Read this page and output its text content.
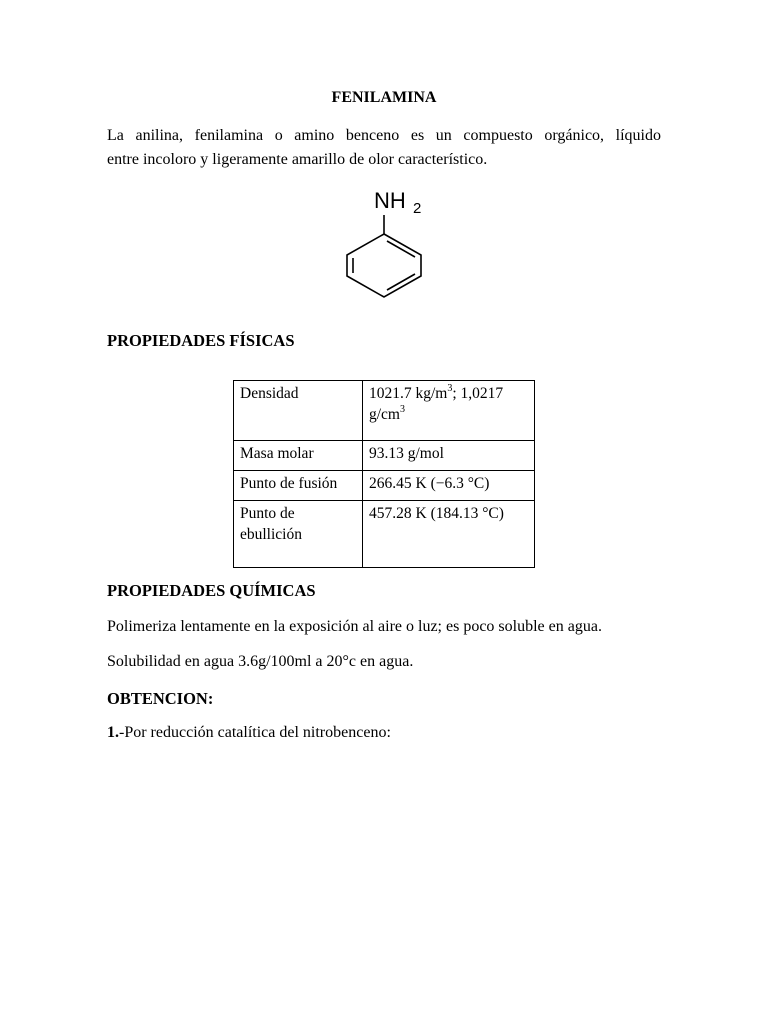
FENILAMINA
La anilina, fenilamina o amino benceno es un compuesto orgánico, líquido
entre incoloro y ligeramente amarillo de olor característico.
NH 2
PROPIEDADES FÍSICAS
Densidad	1021.7 $kg/m^3$; 1,0217
$g/cm^3$
Masa molar	93.13 g/mol
Punto de fusión	266.45 K (−6.3 °C)
Punto de
ebullición	457.28 K (184.13 °C)
PROPIEDADES QUÍMICAS
Polimeriza lentamente en la exposición al aire o luz; es poco soluble en agua.
Solubilidad en agua 3.6g/100ml a 20°c en agua.
OBTENCION:
1.-Por reducción catalítica del nitrobenceno:
